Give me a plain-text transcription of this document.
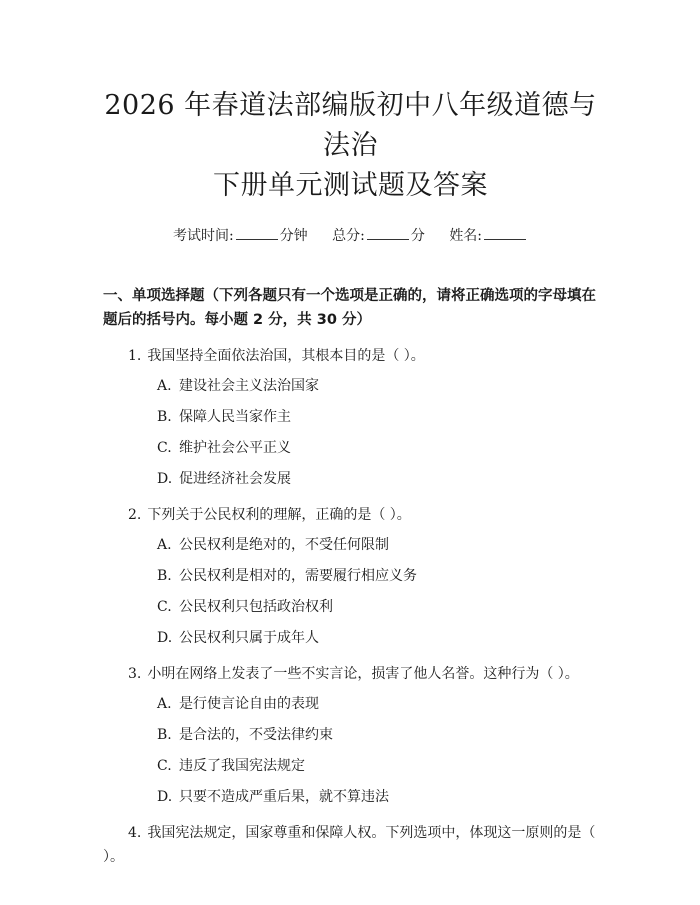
2026 年春道法部编版初中八年级道德与法治
下册单元测试题及答案
考试时间:	分钟 总分:	分 姓名:
一、单项选择题（下列各题只有一个选项是正确的，请将正确选项的字母填在题后的括号内。每小题 2 分，共 30 分）
1. 我国坚持全面依法治国，其根本目的是（ ）。
A. 建设社会主义法治国家
B. 保障人民当家作主
C. 维护社会公平正义
D. 促进经济社会发展
2. 下列关于公民权利的理解，正确的是（ ）。
A. 公民权利是绝对的，不受任何限制
B. 公民权利是相对的，需要履行相应义务
C. 公民权利只包括政治权利
D. 公民权利只属于成年人
3. 小明在网络上发表了一些不实言论，损害了他人名誉。这种行为（ ）。
A. 是行使言论自由的表现
B. 是合法的，不受法律约束
C. 违反了我国宪法规定
D. 只要不造成严重后果，就不算违法
4. 我国宪法规定，国家尊重和保障人权。下列选项中，体现这一原则的是（ ）。
